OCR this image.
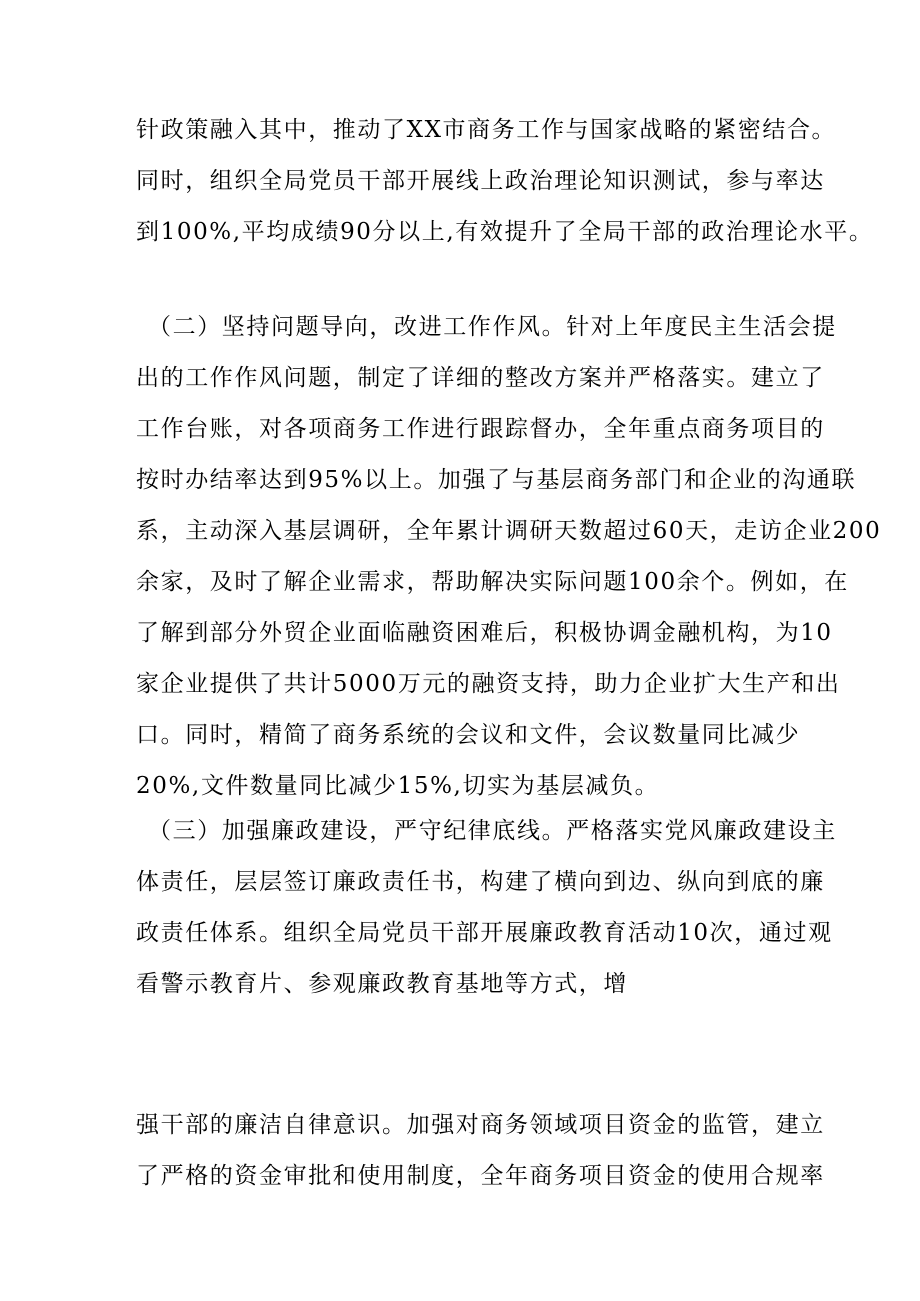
针政策融入其中，推动了XX市商务工作与国家战略的紧密结合。
同时，组织全局党员干部开展线上政治理论知识测试，参与率达
到100%,平均成绩90分以上,有效提升了全局干部的政治理论水平。
（二）坚持问题导向，改进工作作风。针对上年度民主生活会提
出的工作作风问题，制定了详细的整改方案并严格落实。建立了
工作台账，对各项商务工作进行跟踪督办，全年重点商务项目的
按时办结率达到95%以上。加强了与基层商务部门和企业的沟通联
系，主动深入基层调研，全年累计调研天数超过60天，走访企业200
余家，及时了解企业需求，帮助解决实际问题100余个。例如，在
了解到部分外贸企业面临融资困难后，积极协调金融机构，为10
家企业提供了共计5000万元的融资支持，助力企业扩大生产和出
口。同时，精简了商务系统的会议和文件，会议数量同比减少
20%,文件数量同比减少15%,切实为基层减负。
（三）加强廉政建设，严守纪律底线。严格落实党风廉政建设主
体责任，层层签订廉政责任书，构建了横向到边、纵向到底的廉
政责任体系。组织全局党员干部开展廉政教育活动10次，通过观
看警示教育片、参观廉政教育基地等方式，增
强干部的廉洁自律意识。加强对商务领域项目资金的监管，建立
了严格的资金审批和使用制度，全年商务项目资金的使用合规率
